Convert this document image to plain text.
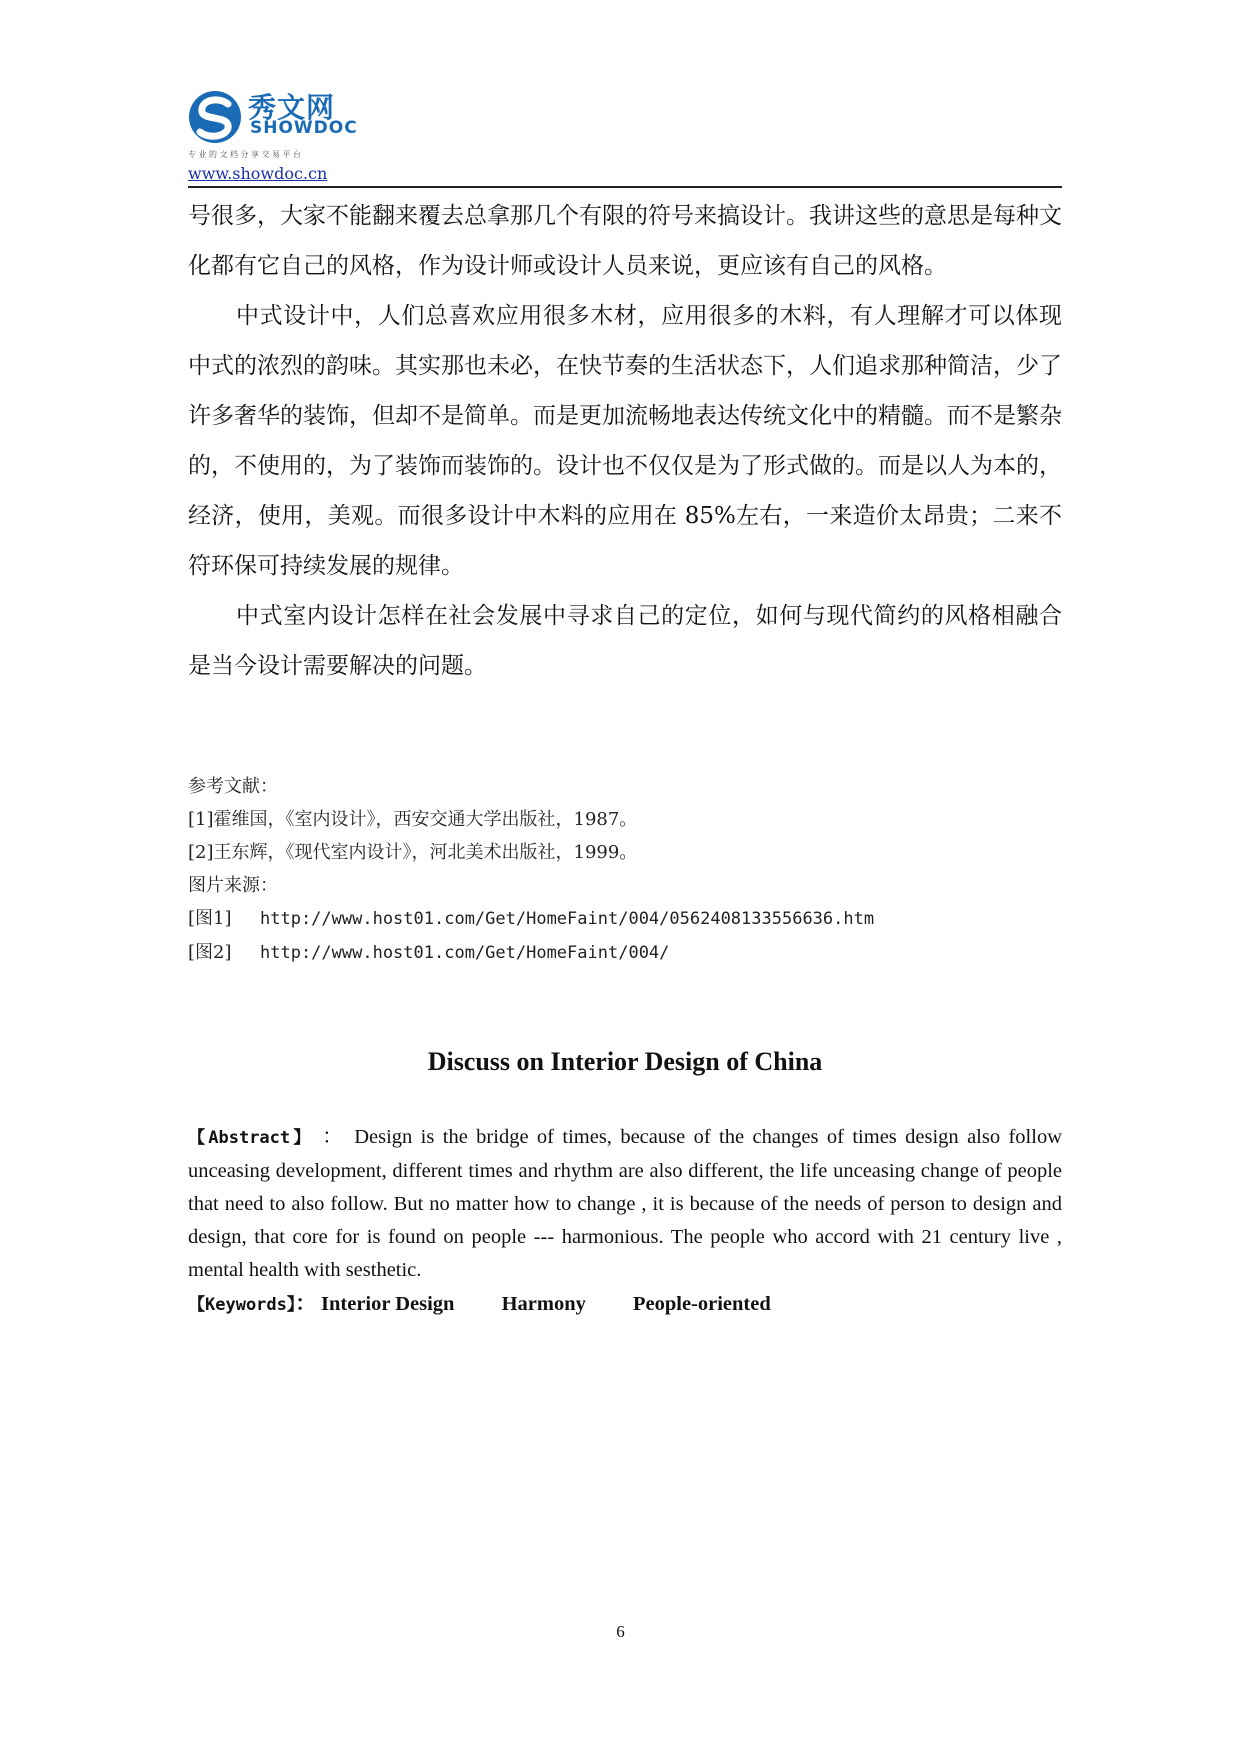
秀文网
SHOWDOC
专业的文档分享交易平台
www.showdoc.cn

号很多，大家不能翻来覆去总拿那几个有限的符号来搞设计。我讲这些的意思是每种文化都有它自己的风格，作为设计师或设计人员来说，更应该有自己的风格。

中式设计中，人们总喜欢应用很多木材，应用很多的木料，有人理解才可以体现中式的浓烈的韵味。其实那也未必，在快节奏的生活状态下，人们追求那种简洁，少了许多奢华的装饰，但却不是简单。而是更加流畅地表达传统文化中的精髓。而不是繁杂的，不使用的，为了装饰而装饰的。设计也不仅仅是为了形式做的。而是以人为本的，经济，使用，美观。而很多设计中木料的应用在 85%左右，一来造价太昂贵；二来不符环保可持续发展的规律。

中式室内设计怎样在社会发展中寻求自己的定位，如何与现代简约的风格相融合是当今设计需要解决的问题。

参考文献：
[1]霍维国，《室内设计》，西安交通大学出版社，1987。
[2]王东辉，《现代室内设计》，河北美术出版社，1999。
图片来源：
[图1] http://www.host01.com/Get/HomeFaint/004/0562408133556636.htm
[图2] http://www.host01.com/Get/HomeFaint/004/
Discuss on Interior Design of China
【Abstract】 ： Design is the bridge of times, because of the changes of times design also follow unceasing development, different times and rhythm are also different, the life unceasing change of people that need to also follow. But no matter how to change , it is because of the needs of person to design and design, that core for is found on people --- harmonious. The people who accord with 21 century live , mental health with sesthetic.
【Keywords】： Interior Design Harmony People-oriented
6
